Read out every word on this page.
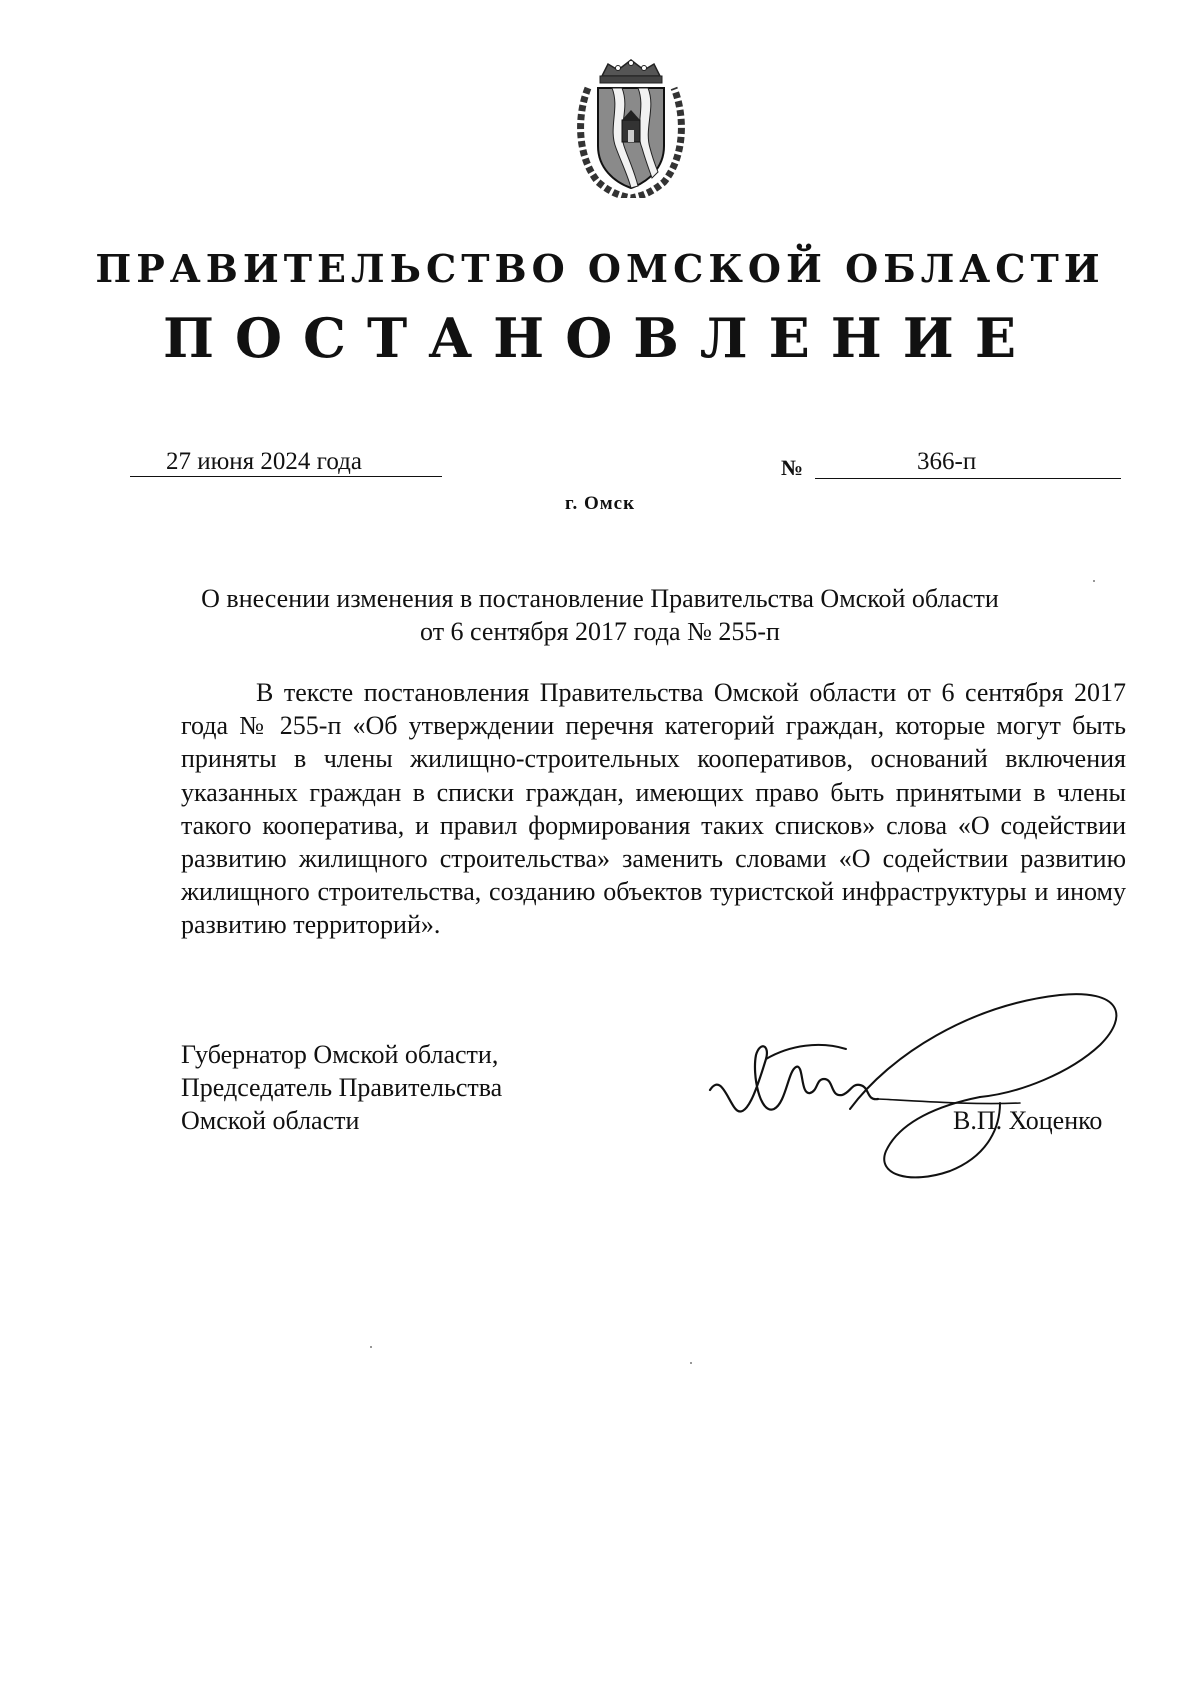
ПРАВИТЕЛЬСТВО ОМСКОЙ ОБЛАСТИ
ПОСТАНОВЛЕНИЕ
27 июня 2024 года	№	366-п
г. Омск
О внесении изменения в постановление Правительства Омской области
от 6 сентября 2017 года № 255-п
В тексте постановления Правительства Омской области от 6 сентября 2017 года № 255-п «Об утверждении перечня категорий граждан, которые могут быть приняты в члены жилищно-строительных кооперативов, оснований включения указанных граждан в списки граждан, имеющих право быть принятыми в члены такого кооператива, и правил формирования таких списков» слова «О содействии развитию жилищного строительства» заменить словами «О содействии развитию жилищного строительства, созданию объектов туристской инфраструктуры и иному развитию территорий».
Губернатор Омской области,
Председатель Правительства
Омской области	В.П. Хоценко
